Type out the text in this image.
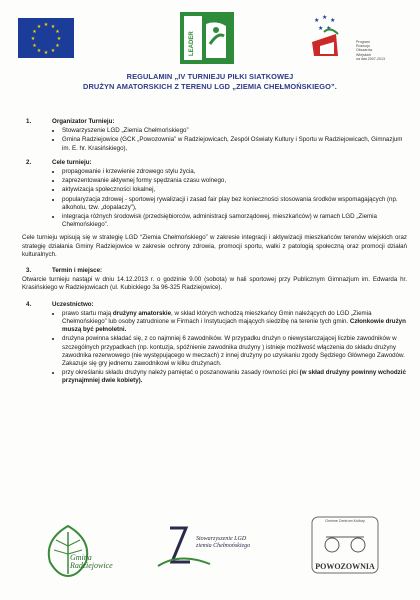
★ ★
★
★
★
★
★
★
★
★
★
★
LEADER
★ ★ ★
★ ★
Program
Rozwoju
Obszarów
Wiejskich
na lata 2007-2013
REGULAMIN „IV TURNIEJU PIŁKI SIATKOWEJ
DRUŻYN AMATORSKICH Z TERENU LGD „ZIEMIA CHEŁMOŃSKIEGO”.
1.	Organizator Turnieju:
• Stowarzyszenie LGD „Ziemia Chełmońskiego”
• Gmina Radziejowice (GCK „Powozownia” w Radziejowicach, Zespół Oświaty Kultury i Sportu w Radziejowicach, Gimnazjum im. E. hr. Krasińskiego),
2.	Cele turnieju:
• propagowanie i krzewienie zdrowego stylu życia,
• zaprezentowanie aktywnej formy spędzania czasu wolnego,
• aktywizacja społeczności lokalnej,
• popularyzacja zdrowej - sportowej rywalizacji i zasad fair play bez konieczności stosowania środków wspomagających (np. alkoholu, tzw. „dopalaczy”),
• integracja różnych środowisk (przedsiębiorców, administracji samorządowej, mieszkańców) w ramach LGD „Ziemia Chełmońskiego”.

Cele turnieju wpisują się w strategię LGD “Ziemia Chełmońskiego” w zakresie integracji i aktywizacji mieszkańców terenów wiejskich oraz strategię działania Gminy Radziejowice w zakresie ochrony zdrowia, promocji sportu, walki z patologią społeczną oraz promocji działań kulturalnych.

3.	Termin i miejsce:

Otwarcie turnieju nastąpi w dniu 14.12.2013 r. o godzinie 9.00 (sobota) w hali sportowej przy Publicznym Gimnazjum im. Edwarda hr. Krasińskiego w Radziejowicach (ul. Kubickiego 3a 96-325 Radziejowice).

4.	Uczestnictwo:
• prawo startu mają drużyny amatorskie, w skład których wchodzą mieszkańcy Gmin należących do LGD „Ziemia Chełmońskiego” lub osoby zatrudnione w Firmach i Instytucjach mających siedzibę na terenie tych gmin. Członkowie drużyn muszą być pełnoletni.
• drużyna powinna składać się, z co najmniej 6 zawodników. W przypadku drużyn o niewystarczającej liczbie zawodników w szczególnych przypadkach (np. kontuzja, spóźnienie zawodnika drużyny ) istnieje możliwość włączenia do składu drużyny zawodnika rezerwowego (nie występującego w meczach) z innej drużyny po uzyskaniu zgody Sędziego Głównego Zawodów. Zakazuje się gry jednemu zawodnikowi w kilku drużynach.
• przy określaniu składu drużyny należy pamiętać o poszanowaniu zasady równości płci (w skład drużyny powinny wchodzić przynajmniej dwie kobiety).
Gmina
Radziejowice
Stowarzyszenie LGD
ziemia Chełmońskiego
Gminne Centrum Kultury
POWOZOWNIA
